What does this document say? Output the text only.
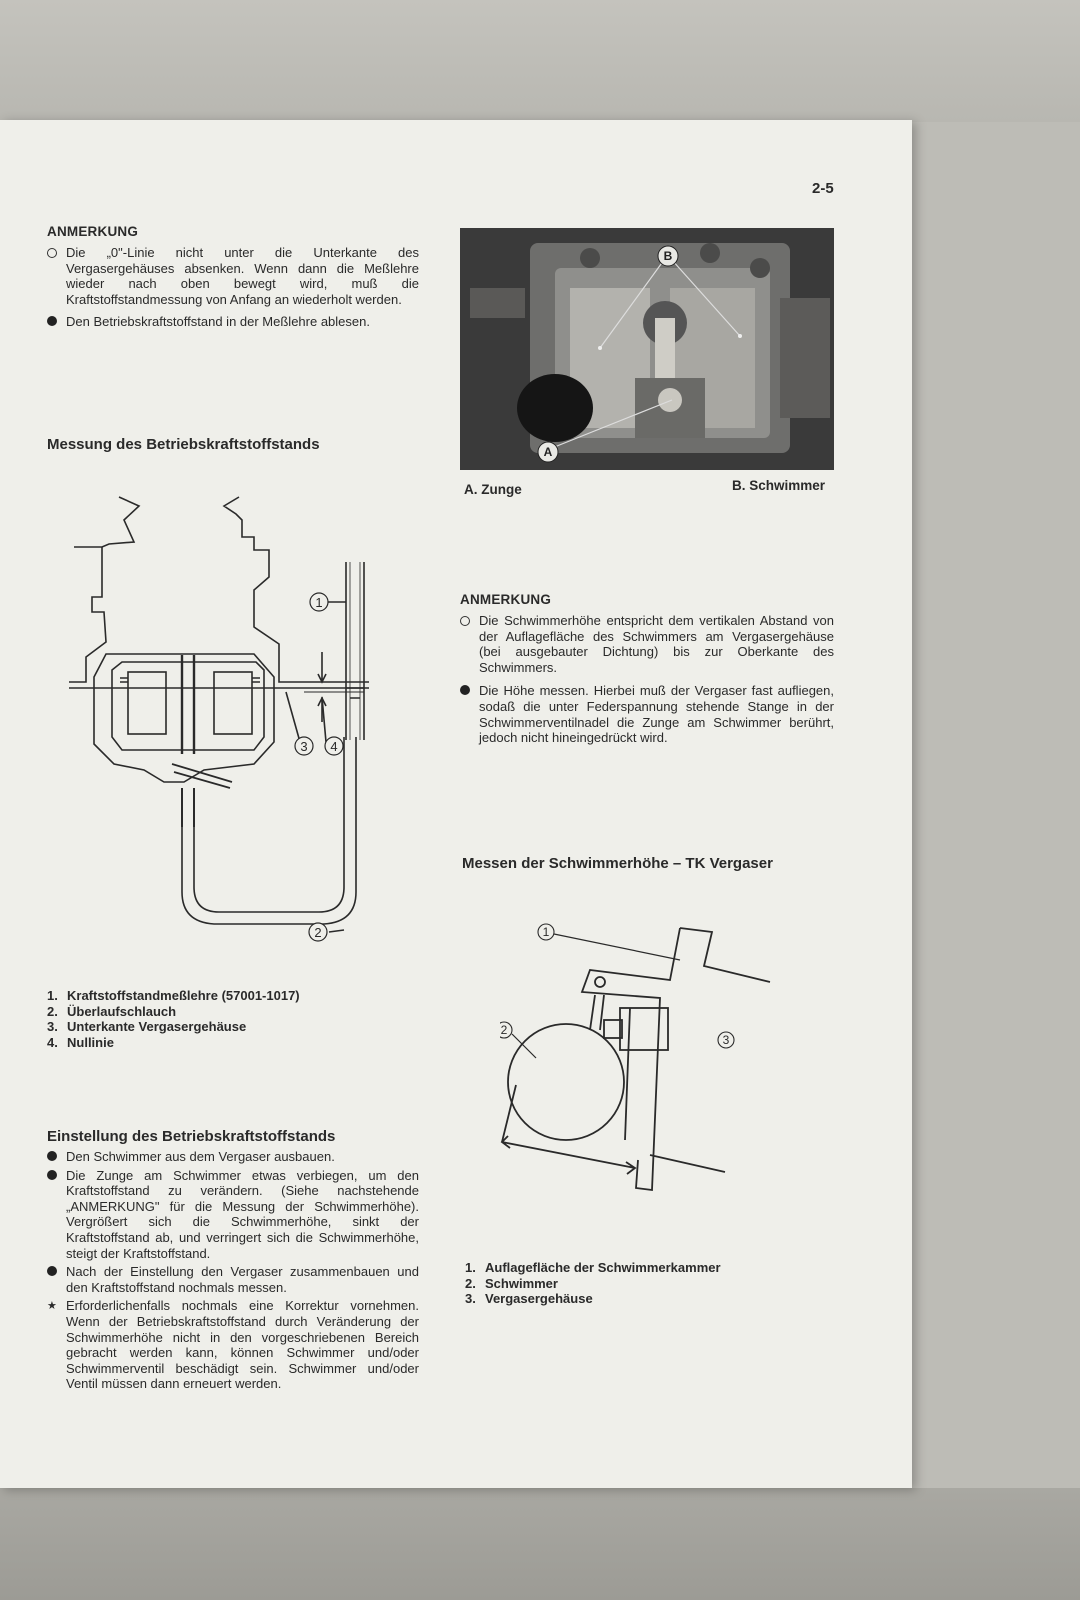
2-5
ANMERKUNG
Die „0"-Linie nicht unter die Unterkante des Vergasergehäuses absenken. Wenn dann die Meßlehre wieder nach oben bewegt wird, muß die Kraftstoffstandmessung von Anfang an wiederholt werden.
Den Betriebskraftstoffstand in der Meßlehre ablesen.
Messung des Betriebskraftstoffstands
1
2
3 4
1. Kraftstoffstandmeßlehre (57001-1017)
2. Überlaufschlauch
3. Unterkante Vergasergehäuse
4. Nullinie
Einstellung des Betriebskraftstoffstands
Den Schwimmer aus dem Vergaser ausbauen.
Die Zunge am Schwimmer etwas verbiegen, um den Kraftstoffstand zu verändern. (Siehe nachstehende „ANMERKUNG" für die Messung der Schwimmerhöhe). Vergrößert sich die Schwimmerhöhe, sinkt der Kraftstoffstand ab, und verringert sich die Schwimmerhöhe, steigt der Kraftstoffstand.
Nach der Einstellung den Vergaser zusammenbauen und den Kraftstoffstand nochmals messen.
★
Erforderlichenfalls nochmals eine Korrektur vornehmen. Wenn der Betriebskraftstoffstand durch Veränderung der Schwimmerhöhe nicht in den vorgeschriebenen Bereich gebracht werden kann, können Schwimmer und/oder Schwimmerventil beschädigt sein. Schwimmer und/oder Ventil müssen dann erneuert werden.
B
A
A. Zunge	B. Schwimmer
ANMERKUNG
Die Schwimmerhöhe entspricht dem vertikalen Abstand von der Auflagefläche des Schwimmers am Vergasergehäuse (bei ausgebauter Dichtung) bis zur Oberkante des Schwimmers.
Die Höhe messen. Hierbei muß der Vergaser fast aufliegen, sodaß die unter Federspannung stehende Stange in der Schwimmerventilnadel die Zunge am Schwimmer berührt, jedoch nicht hineingedrückt wird.
Messen der Schwimmerhöhe – TK Vergaser
1
2
3
1. Auflagefläche der Schwimmerkammer
2. Schwimmer
3. Vergasergehäuse
